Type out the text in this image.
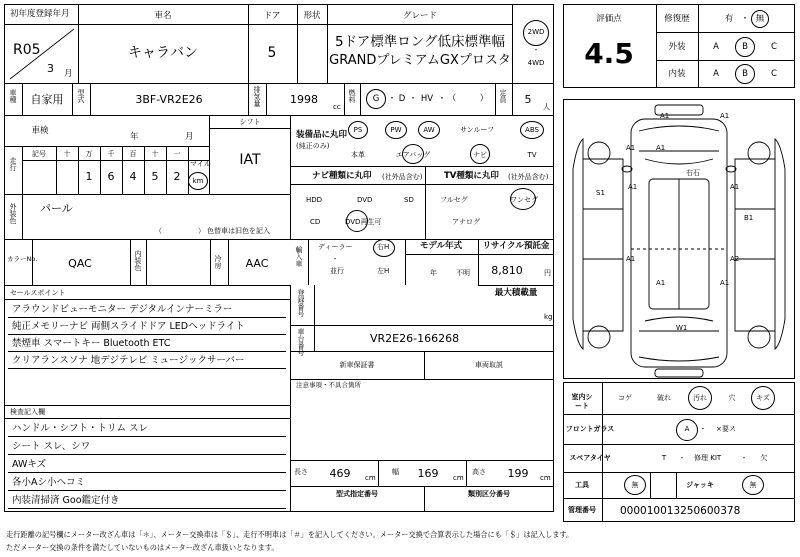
初年度登録年月
R05
3 月
車名
キャラバン
ドア
5
形状	グレード
5ドア標準ロング低床標準幅
GRANDプレミアムGXプロスタ
2WD
・
4WD
評価点
4.5
修復歴	有 ・ 無
外装	A	B	C
内装	A	B	C
車種 自家用 型式	3BF-VR2E26	排気量	1998
cc
燃料 G ・ D ・ HV ・ （	） 定員 5
人
車検
年	月
シフト
IAT
走行
記号	十 万 千 百 十 一
1 6 4 5 2
マイル
km
装備品に丸印
(純正のみ)
PS	PW	AW	サンルーフ	ABS
本革	エアバッグ	ナビ	TV
ナビ種類に丸印 (社外品含む)	TV種類に丸印 (社外品含む)
HDD	DVD	SD
CD	DVD再生可
フルセグ	ワンセグ
アナログ
外装色 パール
（	） 色替車は旧色を記入
カラーNo.	QAC	内装色	冷房 AAC	輸入車 ディーラー
・
並行
右H
左H
モデル年式
年	不明
リサイクル預託金
8,810	円
最大積載量
kg
セールスポイント
アラウンドビューモニター デジタルインナーミラー
純正メモリーナビ 両側スライドドア LEDヘッドライト
禁煙車 スマートキー Bluetooth ETC
クリアランスソナ 地デジテレビ ミュージックサーバー
登録番号
車台番号	VR2E26-166268
新車保証書	車両取説
注意事項・不具合箇所
検査記入欄
ハンドル・シフト・トリム スレ
シート スレ、シワ
AWキズ
各小Aシ小ヘコミ
内装清掃済 Goo鑑定付き
長さ 469 cm
幅 169 cm
高さ 199 cm
型式指定番号	類別区分番号
A1	A1
A1	A1
S1
A1	A1
B1
A1	A2
A1	A1
W1
右石
室内シート
コゲ	破れ	汚れ	穴	キズ
フロントガラス	A ・ ×要ス
スペアタイヤ	T ・ 修理 KIT	・ 欠
工具	無	ジャッキ	無
管理番号 000010013250600378
走行距離の記号欄にメーター改ざん車は「＊」、メーター交換車は「＄」、走行不明車は「＃」を記入してください。メーター交換で合算表示した場合にも「＄」は記入します。
ただメーター交換の条件を満たしていないものはメーター改ざん車扱いとなります。
